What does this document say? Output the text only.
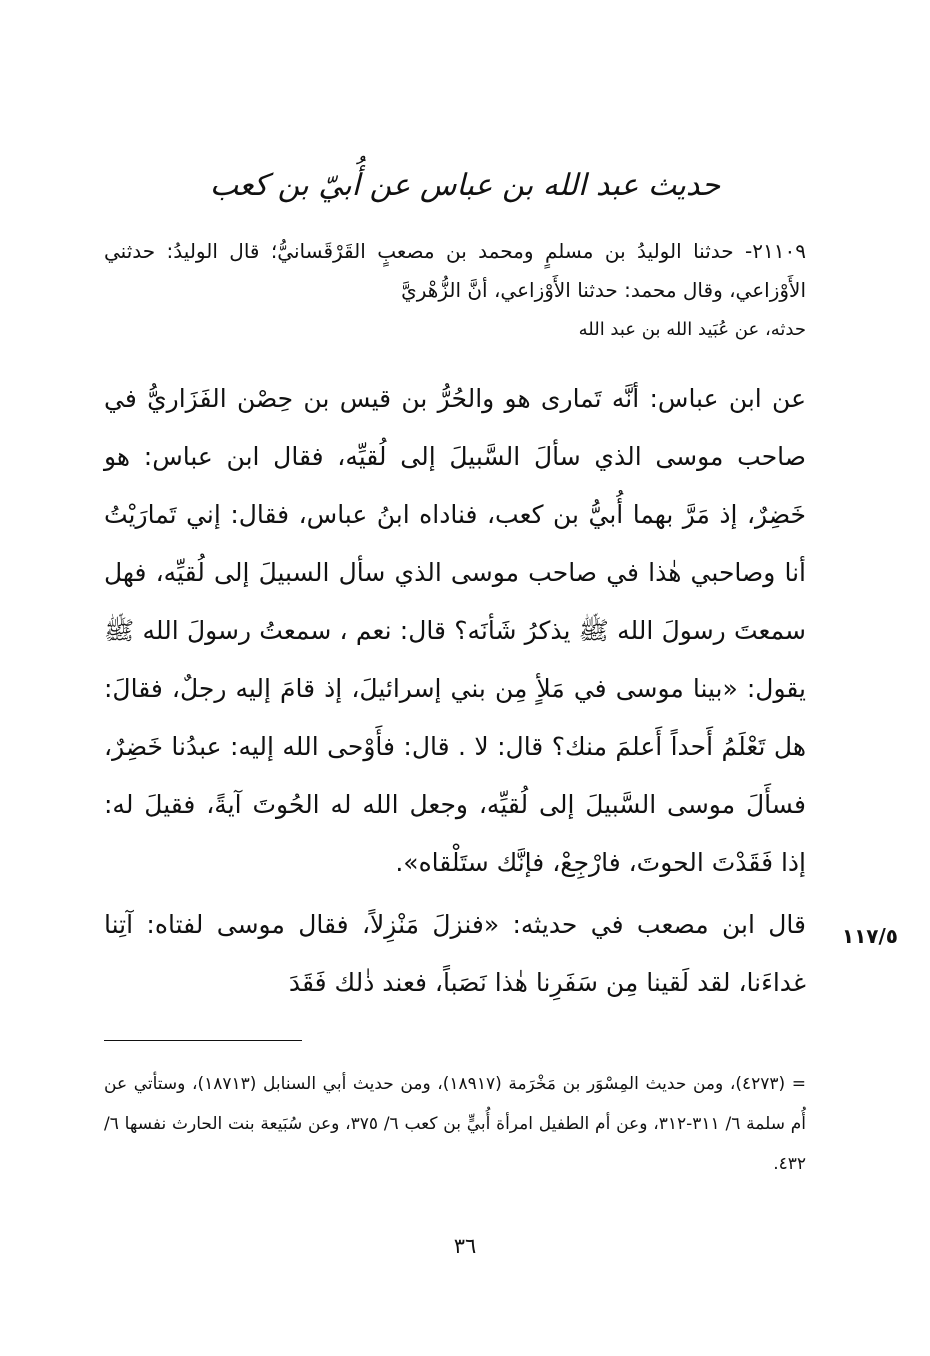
حديث عبد الله بن عباس عن أُبيّ بن كعب

٢١١٠٩- حدثنا الوليدُ بن مسلمٍ ومحمد بن مصعبٍ القَرْقَسانيُّ؛ قال الوليدُ: حدثني الأَوْزاعي، وقال محمد: حدثنا الأَوْزاعي، أنَّ الزُّهْريَّ

حدثه، عن عُبَيد الله بن عبد الله

عن ابن عباس: أنَّه تَمارى هو والحُرُّ بن قيس بن حِصْن الفَزَاريُّ في صاحب موسى الذي سألَ السَّبيلَ إلى لُقيِّه، فقال ابن عباس: هو خَضِرٌ، إذ مَرَّ بهما أُبيُّ بن كعب، فناداه ابنُ عباس، فقال: إني تَمارَيْتُ أنا وصاحبي هٰذا في صاحب موسى الذي سأل السبيلَ إلى لُقيِّه، فهل سمعتَ رسولَ الله ﷺ يذكرُ شَأنَه؟ قال: نعم ، سمعتُ رسولَ الله ﷺ يقول: «بينا موسى في مَلأٍ مِن بني إسرائيلَ، إذ قامَ إليه رجلٌ، فقالَ: هل تَعْلَمُ أَحداً أَعلمَ منك؟ قال: لا . قال: فأَوْحى الله إليه: عبدُنا خَضِرٌ، فسأَلَ موسى السَّبيلَ إلى لُقيِّه، وجعل الله له الحُوتَ آيةً، فقيلَ له: إذا فَقَدْتَ الحوتَ، فارْجِعْ، فإنَّك ستَلْقاه».

قال ابن مصعب في حديثه: «فنزلَ مَنْزِلاً، فقال موسى لفتاه: آتِنا غداءَنا، لقد لَقينا مِن سَفَرِنا هٰذا نَصَباً، فعند ذٰلك فَقَدَ

١١٧/٥

= (٤٢٧٣)، ومن حديث المِسْوَر بن مَخْرَمة (١٨٩١٧)، ومن حديث أبي السنابل (١٨٧١٣)، وستأتي عن أُم سلمة ٦/ ٣١١-٣١٢، وعن أم الطفيل امرأة أُبيٍّ بن كعب ٦/ ٣٧٥، وعن سُبَيعة بنت الحارث نفسها ٦/ ٤٣٢.

٣٦
